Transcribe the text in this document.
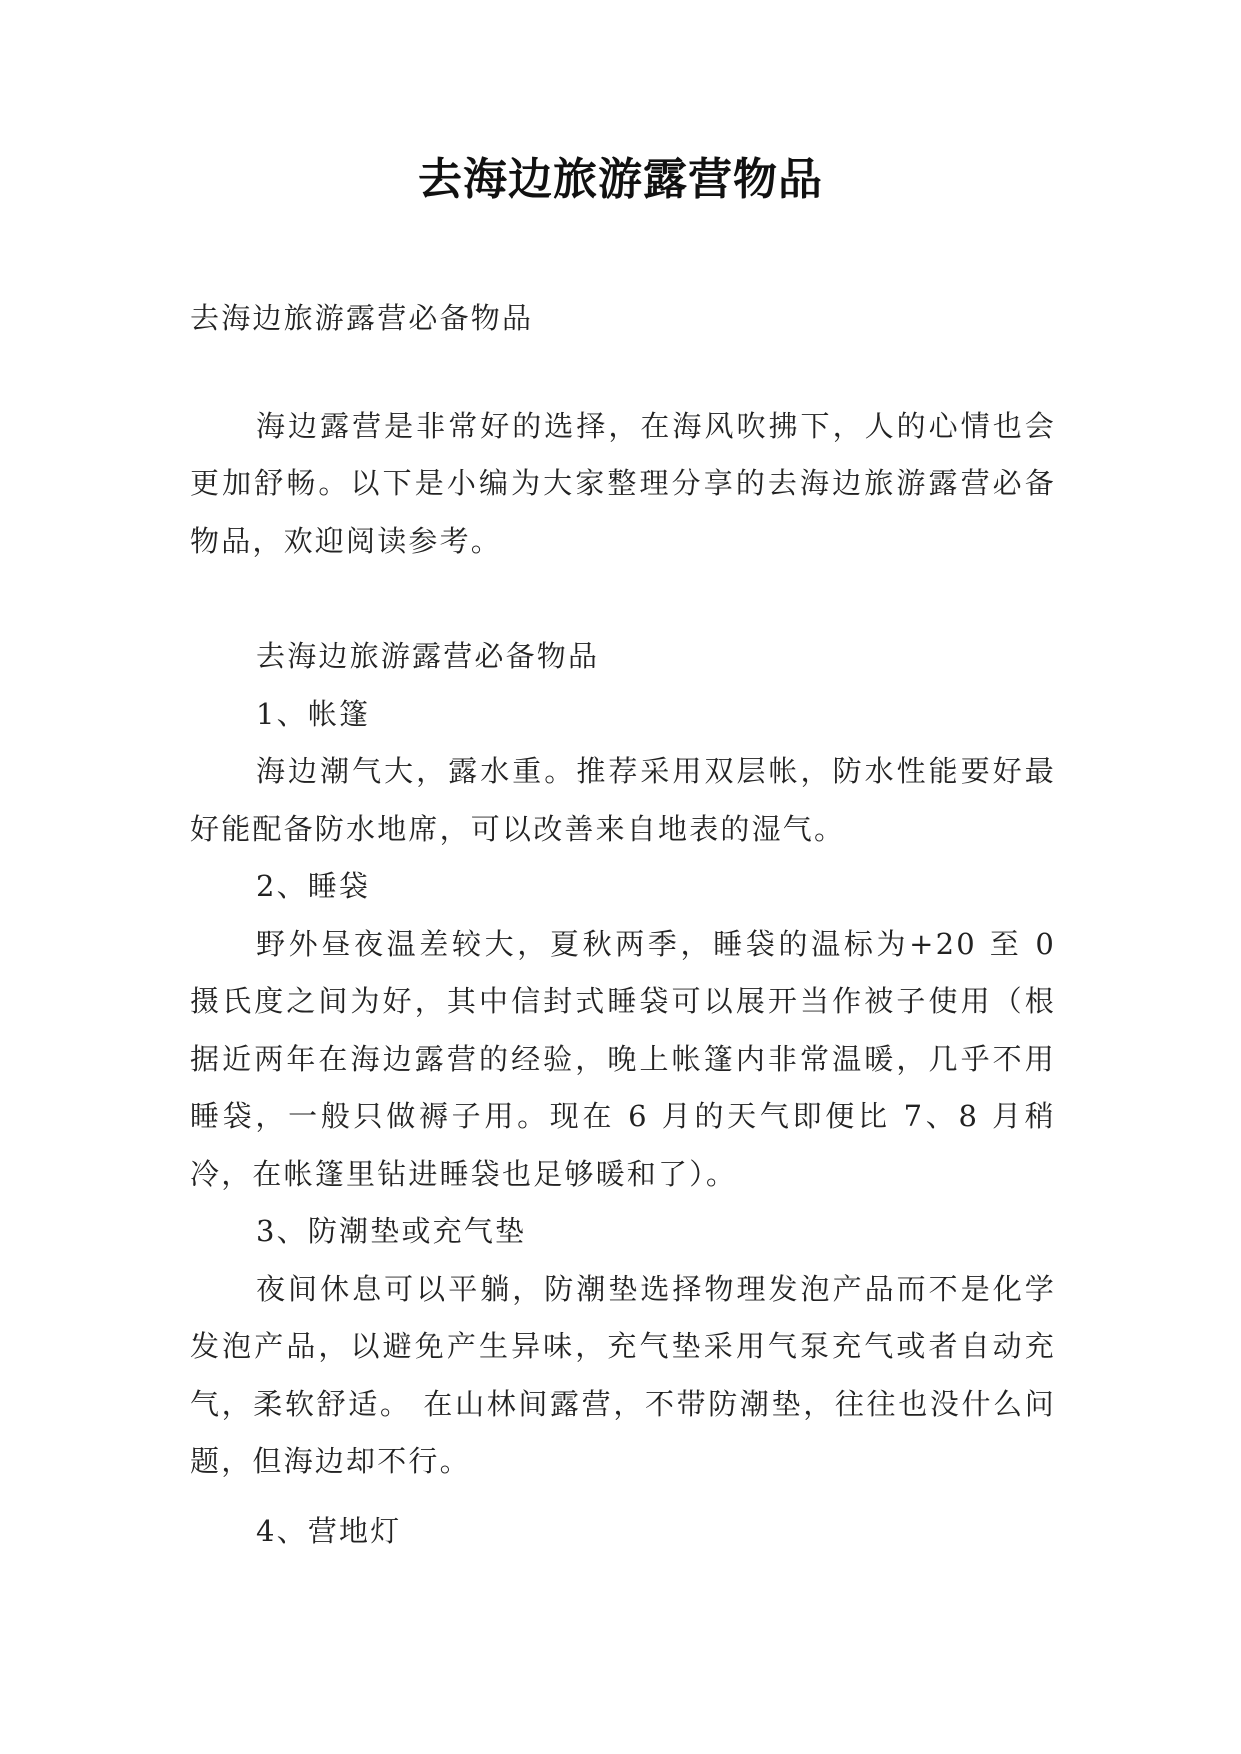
去海边旅游露营物品

去海边旅游露营必备物品

海边露营是非常好的选择，在海风吹拂下，人的心情也会更加舒畅。以下是小编为大家整理分享的去海边旅游露营必备物品，欢迎阅读参考。

去海边旅游露营必备物品

1、帐篷

海边潮气大，露水重。推荐采用双层帐，防水性能要好最好能配备防水地席，可以改善来自地表的湿气。

2、睡袋

野外昼夜温差较大，夏秋两季，睡袋的温标为+20 至 0 摄氏度之间为好，其中信封式睡袋可以展开当作被子使用（根据近两年在海边露营的经验，晚上帐篷内非常温暖，几乎不用睡袋，一般只做褥子用。现在 6 月的天气即便比 7、8 月稍冷，在帐篷里钻进睡袋也足够暖和了）。

3、防潮垫或充气垫

夜间休息可以平躺，防潮垫选择物理发泡产品而不是化学发泡产品，以避免产生异味，充气垫采用气泵充气或者自动充气，柔软舒适。 在山林间露营，不带防潮垫，往往也没什么问题，但海边却不行。

4、营地灯
